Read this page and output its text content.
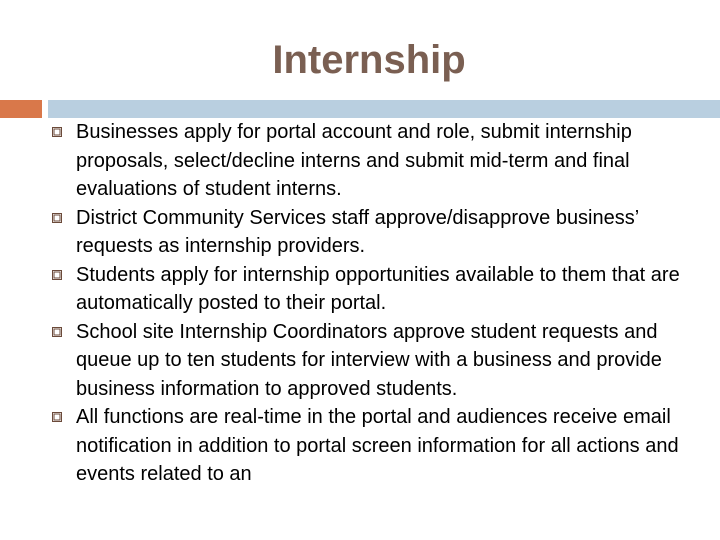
Internship
Businesses apply for portal account and role, submit internship proposals, select/decline interns and submit mid-term and final evaluations of student interns.
District Community Services staff approve/disapprove business’ requests as internship providers.
Students apply for internship opportunities available to them that are automatically posted to their portal.
School site Internship Coordinators approve student requests and queue up to ten students for interview with a business and provide business information to approved students.
All functions are real-time in the portal and audiences receive email notification in addition to portal screen information for all actions and events related to an
